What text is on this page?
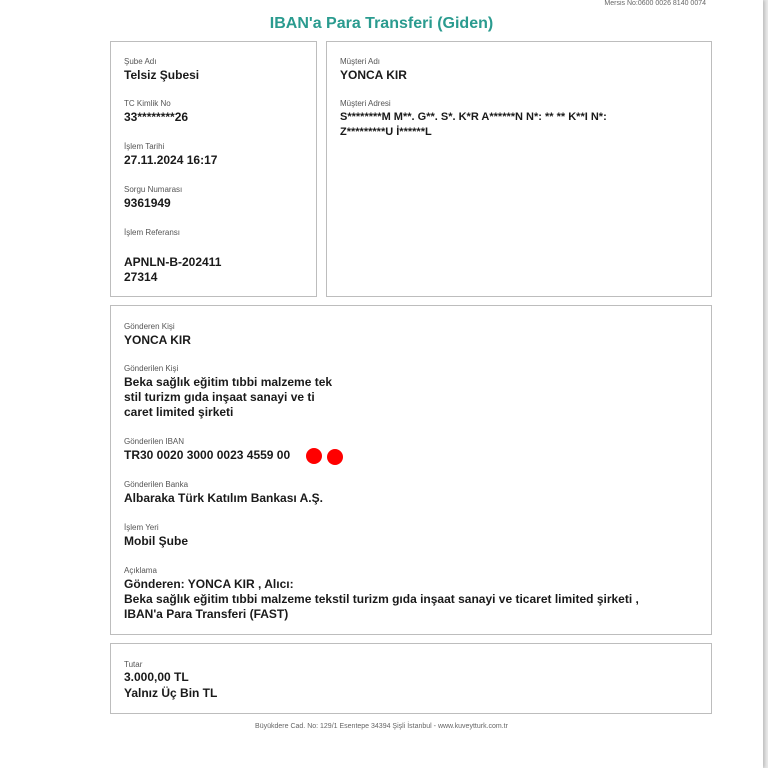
Mersis No:0600 0026 8140 0074
IBAN'a Para Transferi (Giden)
Şube Adı
Telsiz Şubesi
TC Kimlik No
33********26
İşlem Tarihi
27.11.2024 16:17
Sorgu Numarası
9361949
İşlem Referansı
APNLN-B-202411
27314
Müşteri Adı
YONCA KIR
Müşteri Adresi
S********M M**. G**. S*. K*R A******N N*: ** ** K**I N*:
Z*********U İ******L
Gönderen Kişi
YONCA KIR
Gönderilen Kişi
Beka sağlık eğitim tıbbi malzeme tek
stil turizm gıda inşaat sanayi ve ti
caret limited şirketi
Gönderilen IBAN
TR30 0020 3000 0023 4559 00
Gönderilen Banka
Albaraka Türk Katılım Bankası A.Ş.
İşlem Yeri
Mobil Şube
Açıklama
Gönderen: YONCA KIR , Alıcı:
Beka sağlık eğitim tıbbi malzeme tekstil turizm gıda inşaat sanayi ve ticaret limited şirketi ,
IBAN'a Para Transferi (FAST)
Tutar
3.000,00 TL
Yalnız Üç Bin TL
Büyükdere Cad. No: 129/1 Esentepe 34394 Şişli İstanbul - www.kuveytturk.com.tr
